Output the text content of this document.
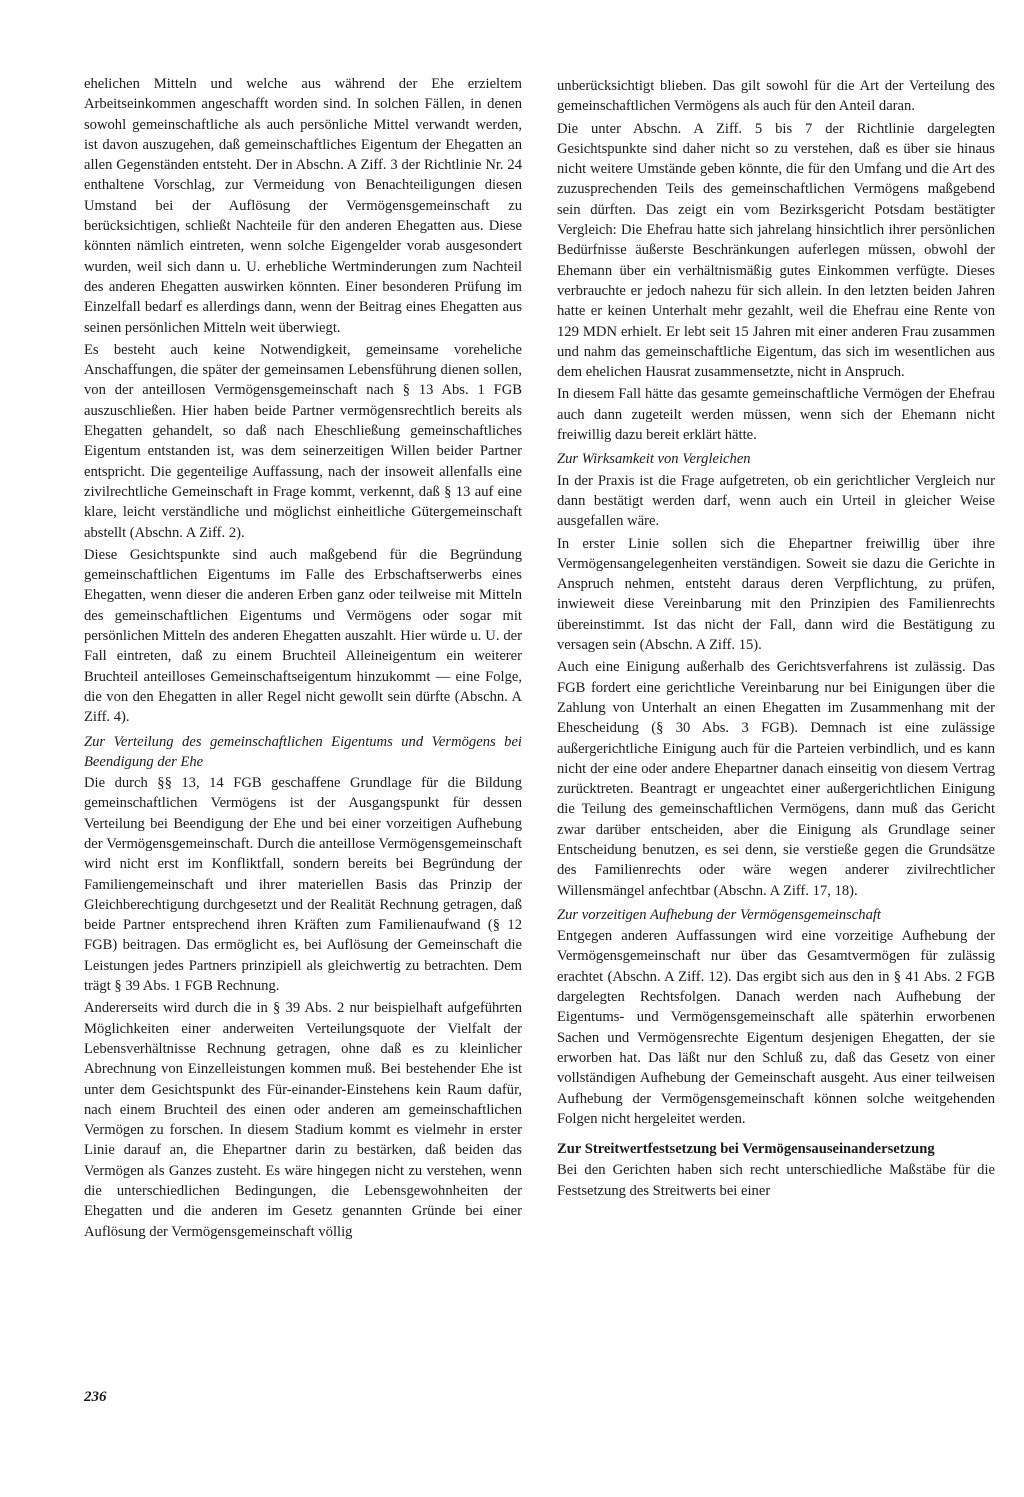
ehelichen Mitteln und welche aus während der Ehe erzieltem Arbeitseinkommen angeschafft worden sind. In solchen Fällen, in denen sowohl gemeinschaftliche als auch persönliche Mittel verwandt werden, ist davon auszugehen, daß gemeinschaftliches Eigentum der Ehegatten an allen Gegenständen entsteht. Der in Abschn. A Ziff. 3 der Richtlinie Nr. 24 enthaltene Vorschlag, zur Vermeidung von Benachteiligungen diesen Umstand bei der Auflösung der Vermögensgemeinschaft zu berücksichtigen, schließt Nachteile für den anderen Ehegatten aus. Diese könnten nämlich eintreten, wenn solche Eigengelder vorab ausgesondert wurden, weil sich dann u. U. erhebliche Wertminderungen zum Nachteil des anderen Ehegatten auswirken könnten. Einer besonderen Prüfung im Einzelfall bedarf es allerdings dann, wenn der Beitrag eines Ehegatten aus seinen persönlichen Mitteln weit überwiegt.

Es besteht auch keine Notwendigkeit, gemeinsame voreheliche Anschaffungen, die später der gemeinsamen Lebensführung dienen sollen, von der anteillosen Vermögensgemeinschaft nach § 13 Abs. 1 FGB auszuschließen. Hier haben beide Partner vermögensrechtlich bereits als Ehegatten gehandelt, so daß nach Eheschließung gemeinschaftliches Eigentum entstanden ist, was dem seinerzeitigen Willen beider Partner entspricht. Die gegenteilige Auffassung, nach der insoweit allenfalls eine zivilrechtliche Gemeinschaft in Frage kommt, verkennt, daß § 13 auf eine klare, leicht verständliche und möglichst einheitliche Gütergemeinschaft abstellt (Abschn. A Ziff. 2).

Diese Gesichtspunkte sind auch maßgebend für die Begründung gemeinschaftlichen Eigentums im Falle des Erbschaftserwerbs eines Ehegatten, wenn dieser die anderen Erben ganz oder teilweise mit Mitteln des gemeinschaftlichen Eigentums und Vermögens oder sogar mit persönlichen Mitteln des anderen Ehegatten auszahlt. Hier würde u. U. der Fall eintreten, daß zu einem Bruchteil Alleineigentum ein weiterer Bruchteil anteilloses Gemeinschaftseigentum hinzukommt — eine Folge, die von den Ehegatten in aller Regel nicht gewollt sein dürfte (Abschn. A Ziff. 4).

Zur Verteilung des gemeinschaftlichen Eigentums und Vermögens bei Beendigung der Ehe

Die durch §§ 13, 14 FGB geschaffene Grundlage für die Bildung gemeinschaftlichen Vermögens ist der Ausgangspunkt für dessen Verteilung bei Beendigung der Ehe und bei einer vorzeitigen Aufhebung der Vermögensgemeinschaft. Durch die anteillose Vermögensgemeinschaft wird nicht erst im Konfliktfall, sondern bereits bei Begründung der Familiengemeinschaft und ihrer materiellen Basis das Prinzip der Gleichberechtigung durchgesetzt und der Realität Rechnung getragen, daß beide Partner entsprechend ihren Kräften zum Familienaufwand (§ 12 FGB) beitragen. Das ermöglicht es, bei Auflösung der Gemeinschaft die Leistungen jedes Partners prinzipiell als gleichwertig zu betrachten. Dem trägt § 39 Abs. 1 FGB Rechnung.

Andererseits wird durch die in § 39 Abs. 2 nur beispielhaft aufgeführten Möglichkeiten einer anderweiten Verteilungsquote der Vielfalt der Lebensverhältnisse Rechnung getragen, ohne daß es zu kleinlicher Abrechnung von Einzelleistungen kommen muß. Bei bestehender Ehe ist unter dem Gesichtspunkt des Für-einander-Einstehens kein Raum dafür, nach einem Bruchteil des einen oder anderen am gemeinschaftlichen Vermögen zu forschen. In diesem Stadium kommt es vielmehr in erster Linie darauf an, die Ehepartner darin zu bestärken, daß beiden das Vermögen als Ganzes zusteht. Es wäre hingegen nicht zu verstehen, wenn die unterschiedlichen Bedingungen, die Lebensgewohnheiten der Ehegatten und die anderen im Gesetz genannten Gründe bei einer Auflösung der Vermögensgemeinschaft völlig

unberücksichtigt blieben. Das gilt sowohl für die Art der Verteilung des gemeinschaftlichen Vermögens als auch für den Anteil daran.

Die unter Abschn. A Ziff. 5 bis 7 der Richtlinie dargelegten Gesichtspunkte sind daher nicht so zu verstehen, daß es über sie hinaus nicht weitere Umstände geben könnte, die für den Umfang und die Art des zuzusprechenden Teils des gemeinschaftlichen Vermögens maßgebend sein dürften. Das zeigt ein vom Bezirksgericht Potsdam bestätigter Vergleich: Die Ehefrau hatte sich jahrelang hinsichtlich ihrer persönlichen Bedürfnisse äußerste Beschränkungen auferlegen müssen, obwohl der Ehemann über ein verhältnismäßig gutes Einkommen verfügte. Dieses verbrauchte er jedoch nahezu für sich allein. In den letzten beiden Jahren hatte er keinen Unterhalt mehr gezahlt, weil die Ehefrau eine Rente von 129 MDN erhielt. Er lebt seit 15 Jahren mit einer anderen Frau zusammen und nahm das gemeinschaftliche Eigentum, das sich im wesentlichen aus dem ehelichen Hausrat zusammensetzte, nicht in Anspruch.

In diesem Fall hätte das gesamte gemeinschaftliche Vermögen der Ehefrau auch dann zugeteilt werden müssen, wenn sich der Ehemann nicht freiwillig dazu bereit erklärt hätte.

Zur Wirksamkeit von Vergleichen

In der Praxis ist die Frage aufgetreten, ob ein gerichtlicher Vergleich nur dann bestätigt werden darf, wenn auch ein Urteil in gleicher Weise ausgefallen wäre.

In erster Linie sollen sich die Ehepartner freiwillig über ihre Vermögensangelegenheiten verständigen. Soweit sie dazu die Gerichte in Anspruch nehmen, entsteht daraus deren Verpflichtung, zu prüfen, inwieweit diese Vereinbarung mit den Prinzipien des Familienrechts übereinstimmt. Ist das nicht der Fall, dann wird die Bestätigung zu versagen sein (Abschn. A Ziff. 15).

Auch eine Einigung außerhalb des Gerichtsverfahrens ist zulässig. Das FGB fordert eine gerichtliche Vereinbarung nur bei Einigungen über die Zahlung von Unterhalt an einen Ehegatten im Zusammenhang mit der Ehescheidung (§ 30 Abs. 3 FGB). Demnach ist eine zulässige außergerichtliche Einigung auch für die Parteien verbindlich, und es kann nicht der eine oder andere Ehepartner danach einseitig von diesem Vertrag zurücktreten. Beantragt er ungeachtet einer außergerichtlichen Einigung die Teilung des gemeinschaftlichen Vermögens, dann muß das Gericht zwar darüber entscheiden, aber die Einigung als Grundlage seiner Entscheidung benutzen, es sei denn, sie verstieße gegen die Grundsätze des Familienrechts oder wäre wegen anderer zivilrechtlicher Willensmängel anfechtbar (Abschn. A Ziff. 17, 18).

Zur vorzeitigen Aufhebung der Vermögensgemeinschaft

Entgegen anderen Auffassungen wird eine vorzeitige Aufhebung der Vermögensgemeinschaft nur über das Gesamtvermögen für zulässig erachtet (Abschn. A Ziff. 12). Das ergibt sich aus den in § 41 Abs. 2 FGB dargelegten Rechtsfolgen. Danach werden nach Aufhebung der Eigentums- und Vermögensgemeinschaft alle späterhin erworbenen Sachen und Vermögensrechte Eigentum desjenigen Ehegatten, der sie erworben hat. Das läßt nur den Schluß zu, daß das Gesetz von einer vollständigen Aufhebung der Gemeinschaft ausgeht. Aus einer teilweisen Aufhebung der Vermögensgemeinschaft können solche weitgehenden Folgen nicht hergeleitet werden.

Zur Streitwertfestsetzung bei Vermögensauseinandersetzung

Bei den Gerichten haben sich recht unterschiedliche Maßstäbe für die Festsetzung des Streitwerts bei einer

236
